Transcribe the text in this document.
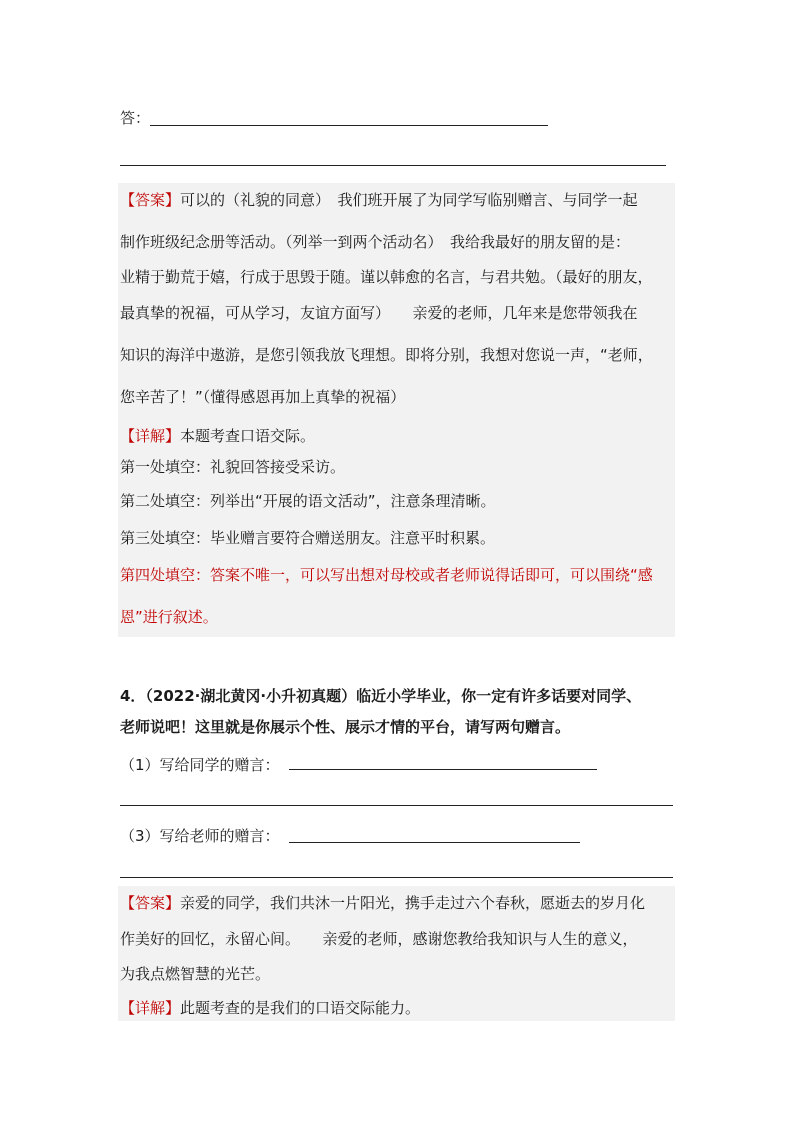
答：
【答案】可以的（礼貌的同意）　我们班开展了为同学写临别赠言、与同学一起
制作班级纪念册等活动。（列举一到两个活动名）　我给我最好的朋友留的是：
业精于勤荒于嬉，行成于思毁于随。谨以韩愈的名言，与君共勉。（最好的朋友，
最真挚的祝福，可从学习，友谊方面写）　　亲爱的老师，几年来是您带领我在
知识的海洋中遨游，是您引领我放飞理想。即将分别，我想对您说一声，“老师，
您辛苦了！”（懂得感恩再加上真挚的祝福）
【详解】本题考查口语交际。
第一处填空：礼貌回答接受采访。
第二处填空：列举出“开展的语文活动”，注意条理清晰。
第三处填空：毕业赠言要符合赠送朋友。注意平时积累。
第四处填空：答案不唯一，可以写出想对母校或者老师说得话即可，可以围绕“感
恩”进行叙述。
4．（2022·湖北黄冈·小升初真题）临近小学毕业，你一定有许多话要对同学、
老师说吧！这里就是你展示个性、展示才情的平台，请写两句赠言。
（1）写给同学的赠言：
（3）写给老师的赠言：
【答案】亲爱的同学，我们共沐一片阳光，携手走过六个春秋，愿逝去的岁月化
作美好的回忆，永留心间。　　亲爱的老师，感谢您教给我知识与人生的意义，
为我点燃智慧的光芒。
【详解】此题考查的是我们的口语交际能力。
